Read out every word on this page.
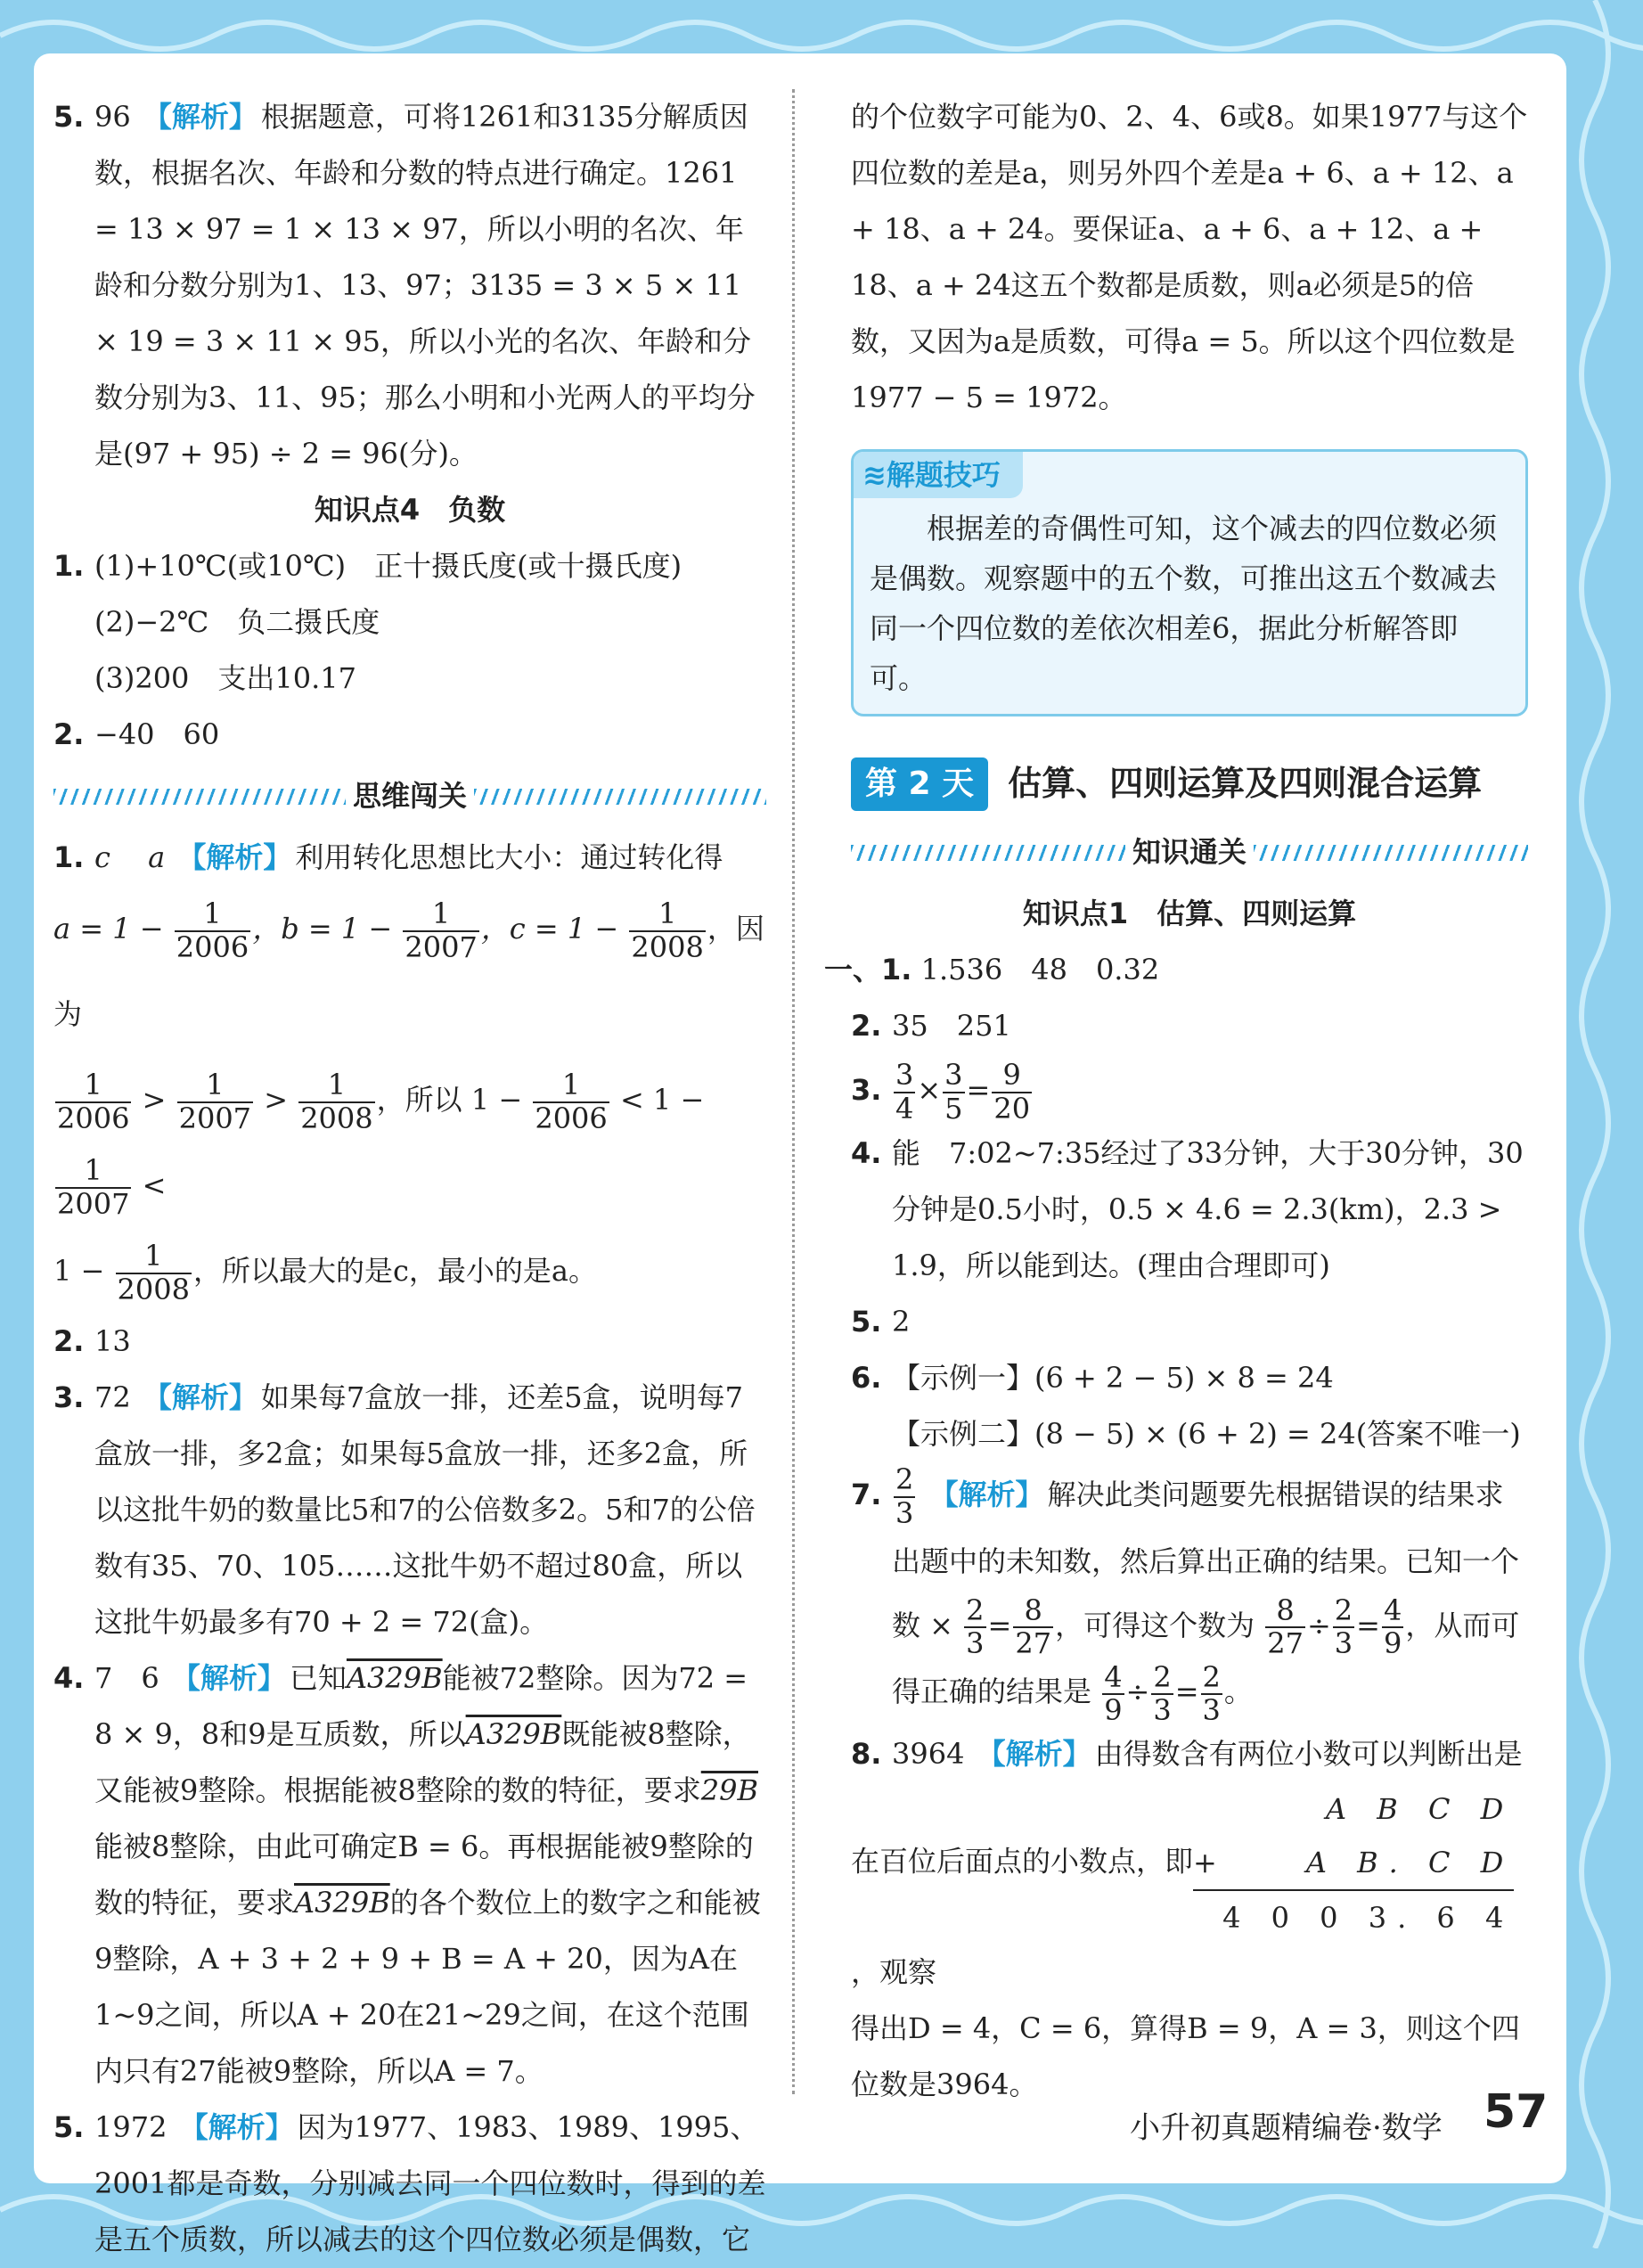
5. 96 【解析】 根据题意，可将1261和3135分解质因数，根据名次、年龄和分数的特点进行确定。1261 = 13 × 97 = 1 × 13 × 97，所以小明的名次、年龄和分数分别为1、13、97；3135 = 3 × 5 × 11 × 19 = 3 × 11 × 95，所以小光的名次、年龄和分数分别为3、11、95；那么小明和小光两人的平均分是(97 + 95) ÷ 2 = 96(分)。

知识点4　负数

1. (1)+10℃(或10℃)　正十摄氏度(或十摄氏度)

(2)−2℃　负二摄氏度

(3)200　支出10.17

2. −40　60

思维闯关

1. c　 a 【解析】 利用转化思想比大小：通过转化得

$a = 1 - \frac{1}{2006}$ ，$b = 1 - \frac{1}{2007}$ ，$c = 1 - \frac{1}{2008}$ ，因为

$\frac{1}{2006} > \frac{1}{2007} > \frac{1}{2008}$ ，所以 $1 - \frac{1}{2006} < 1$ −
$\frac{1}{2007}$ <

$1 - \frac{1}{2008}$ ，所以最大的是c，最小的是a。

2. 13

3. 72 【解析】 如果每7盒放一排，还差5盒，说明每7盒放一排，多2盒；如果每5盒放一排，还多2盒，所以这批牛奶的数量比5和7的公倍数多2。5和7的公倍数有35、70、105……这批牛奶不超过80盒，所以这批牛奶最多有70 + 2 = 72(盒)。

4. 7　6 【解析】 已知A329B能被72整除。因为72 = 8 × 9，8和9是互质数，所以A329B既能被8整除，又能被9整除。根据能被8整除的数的特征，要求29B能被8整除，由此可确定B = 6。再根据能被9整除的数的特征，要求A329B的各个数位上的数字之和能被9整除，A + 3 + 2 + 9 + B = A + 20，因为A在1~9之间，所以A + 20在21~29之间，在这个范围内只有27能被9整除，所以A = 7。

5. 1972 【解析】 因为1977、1983、1989、1995、2001都是奇数，分别减去同一个四位数时，得到的差是五个质数，所以减去的这个四位数必须是偶数，它

的个位数字可能为0、2、4、6或8。如果1977与这个四位数的差是a，则另外四个差是a + 6、a + 12、a + 18、a + 24。要保证a、a + 6、a + 12、a + 18、a + 24这五个数都是质数，则a必须是5的倍数，又因为a是质数，可得a = 5。所以这个四位数是1977 − 5 = 1972。

≋解题技巧

根据差的奇偶性可知，这个减去的四位数必须是偶数。观察题中的五个数，可推出这五个数减去同一个四位数的差依次相差6，据此分析解答即可。

第 2 天	估算、四则运算及四则混合运算
知识通关

知识点1　估算、四则运算

一、1. 1.536　48　0.32

2. 35　251

3. $\frac{3}{4} \times \frac{3}{5} = \frac{9}{20}$

4. 能　7:02~7:35经过了33分钟，大于30分钟，30分钟是0.5小时，0.5 × 4.6 = 2.3(km)，2.3 > 1.9，所以能到达。(理由合理即可)

5. 2

6. 【示例一】(6 + 2 − 5) × 8 = 24

【示例二】(8 − 5) × (6 + 2) = 24(答案不唯一)

7. $\frac{2}{3}$ 【解析】 解决此类问题要先根据错误的结果求出题中的未知数，然后算出正确的结果。已知一个数 × $\frac{2}{3} = \frac{8}{27}$ ，可得这个数为 $\frac{8}{27} \div \frac{2}{3} = \frac{4}{9}$ ，从而可得正确的结果是 $\frac{4}{9} \div \frac{2}{3} = \frac{2}{3}$ 。

8. 3964 【解析】 由得数含有两位小数可以判断出是

在百位后面点的小数点，即
A B C D
+　　A B. C D
4 0 0 3. 6 4
，观察

得出D = 4，C = 6，算得B = 9，A = 3，则这个四位数是3964。

小升初真题精编卷·数学 57
